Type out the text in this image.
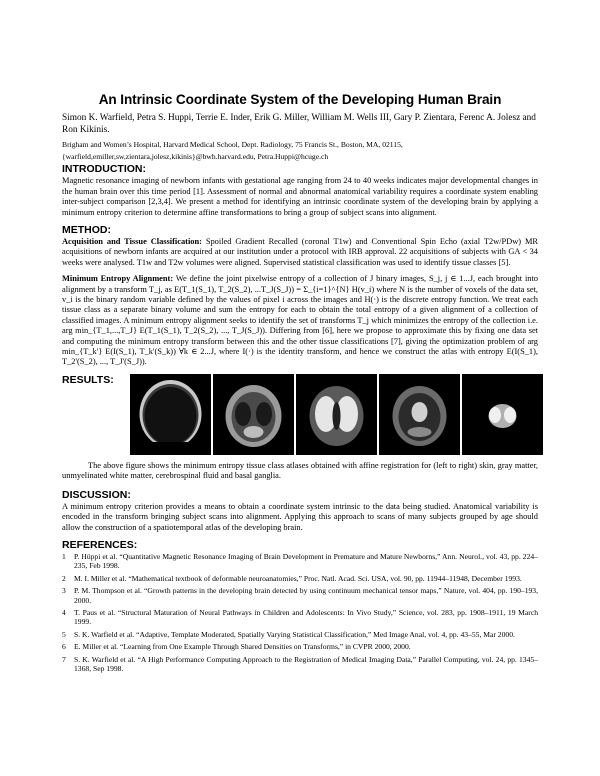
An Intrinsic Coordinate System of the Developing Human Brain
Simon K. Warfield, Petra S. Huppi, Terrie E. Inder, Erik G. Miller, William M. Wells III, Gary P. Zientara, Ferenc A. Jolesz and Ron Kikinis.
Brigham and Women’s Hospital, Harvard Medical School, Dept. Radiology, 75 Francis St., Boston, MA, 02115,
{warfield,emiller,sw,zientara,jolesz,kikinis}@bwh.harvard.edu, Petra.Huppi@hcuge.ch
INTRODUCTION:

Magnetic resonance imaging of newborn infants with gestational age ranging from 24 to 40 weeks indicates major developmental changes in the human brain over this time period [1]. Assessment of normal and abnormal anatomical variability requires a coordinate system enabling inter-subject comparison [2,3,4]. We present a method for identifying an intrinsic coordinate system of the developing brain by applying a minimum entropy criterion to determine affine transformations to bring a group of subject scans into alignment.

METHOD:

Acquisition and Tissue Classification: Spoiled Gradient Recalled (coronal T1w) and Conventional Spin Echo (axial T2w/PDw) MR acquisitions of newborn infants are acquired at our institution under a protocol with IRB approval. 22 acquisitions of subjects with GA < 34 weeks were analysed. T1w and T2w volumes were aligned. Supervised statistical classification was used to identify tissue classes [5].

Minimum Entropy Alignment: We define the joint pixelwise entropy of a collection of J binary images, S_j, j ∈ 1...J, each brought into alignment by a transform T_j, as E(T_1(S_1), T_2(S_2), ...T_J(S_J)) = Σ_{i=1}^{N} H(v_i) where N is the number of voxels of the data set, v_i is the binary random variable defined by the values of pixel i across the images and H(·) is the discrete entropy function. We treat each tissue class as a separate binary volume and sum the entropy for each to obtain the total entropy of a given alignment of a collection of classified images. A minimum entropy alignment seeks to identify the set of transforms T_j which minimizes the entropy of the collection i.e. arg min_{T_1,...,T_J} E(T_1(S_1), T_2(S_2), ..., T_J(S_J)). Differing from [6], here we propose to approximate this by fixing one data set and computing the minimum entropy transform between this and the other tissue classifications [7], giving the optimization problem of arg min_{T_k'} E(I(S_1), T_k'(S_k)) ∀k ∈ 2...J, where I(·) is the identity transform, and hence we construct the atlas with entropy E(I(S_1), T_2'(S_2), ..., T_J'(S_J)).

RESULTS:

The above figure shows the minimum entropy tissue class atlases obtained with affine registration for (left to right) skin, gray matter, unmyelinated white matter, cerebrospinal fluid and basal ganglia.

DISCUSSION:

A minimum entropy criterion provides a means to obtain a coordinate system intrinsic to the data being studied. Anatomical variability is encoded in the transform bringing subject scans into alignment. Applying this approach to scans of many subjects grouped by age should allow the construction of a spatiotemporal atlas of the developing brain.

REFERENCES:
1	P. Hüppi et al. “Quantitative Magnetic Resonance Imaging of Brain Development in Premature and Mature Newborns,” Ann. Neurol., vol. 43, pp. 224–235, Feb 1998.
2	M. I. Miller et al. “Mathematical textbook of deformable neuroanatomies,” Proc. Natl. Acad. Sci. USA, vol. 90, pp. 11944–11948, December 1993.
3	P. M. Thompson et al. “Growth patterns in the developing brain detected by using continuum mechanical tensor maps,” Nature, vol. 404, pp. 190–193, 2000.
4	T. Paus et al. “Structural Maturation of Neural Pathways in Children and Adolescents: In Vivo Study,” Science, vol. 283, pp. 1908–1911, 19 March 1999.
5	S. K. Warfield et al. “Adaptive, Template Moderated, Spatially Varying Statistical Classification,” Med Image Anal, vol. 4, pp. 43–55, Mar 2000.
6	E. Miller et al. “Learning from One Example Through Shared Densities on Transforms,” in CVPR 2000, 2000.
7	S. K. Warfield et al. “A High Performance Computing Approach to the Registration of Medical Imaging Data,” Parallel Computing, vol. 24, pp. 1345–1368, Sep 1998.
